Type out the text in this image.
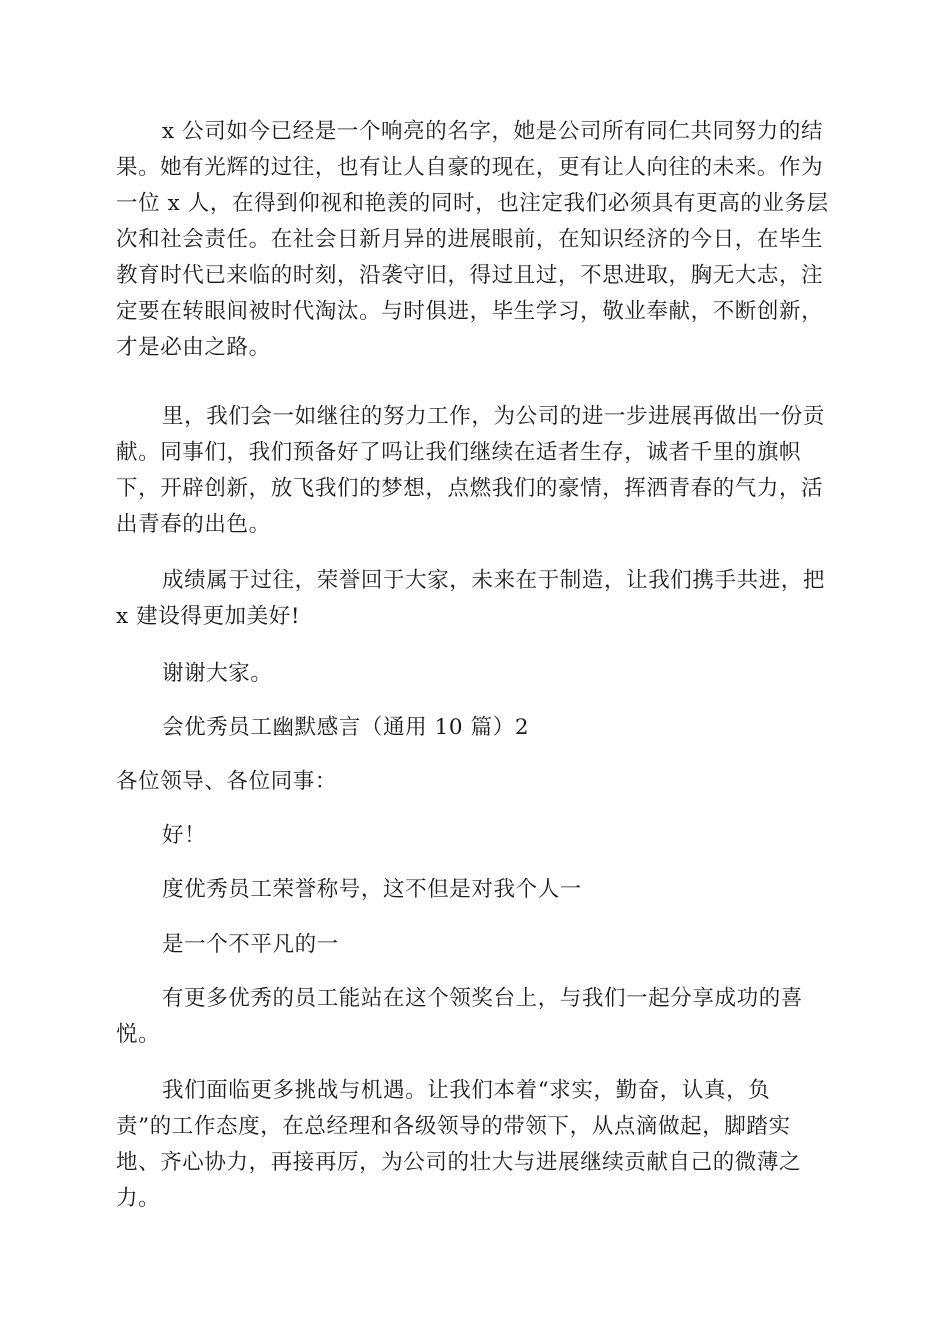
x 公司如今已经是一个响亮的名字，她是公司所有同仁共同努力的结
果。她有光辉的过往，也有让人自豪的现在，更有让人向往的未来。作为
一位 x 人，在得到仰视和艳羡的同时，也注定我们必须具有更高的业务层
次和社会责任。在社会日新月异的进展眼前，在知识经济的今日，在毕生
教育时代已来临的时刻，沿袭守旧，得过且过，不思进取，胸无大志，注
定要在转眼间被时代淘汰。与时俱进，毕生学习，敬业奉献，不断创新，
才是必由之路。
里，我们会一如继往的努力工作，为公司的进一步进展再做出一份贡
献。同事们，我们预备好了吗让我们继续在适者生存，诚者千里的旗帜
下，开辟创新，放飞我们的梦想，点燃我们的豪情，挥洒青春的气力，活
出青春的出色。
成绩属于过往，荣誉回于大家，未来在于制造，让我们携手共进，把
x 建设得更加美好!
谢谢大家。
会优秀员工幽默感言（通用 10 篇）2
各位领导、各位同事：
好！
度优秀员工荣誉称号，这不但是对我个人一
是一个不平凡的一
有更多优秀的员工能站在这个领奖台上，与我们一起分享成功的喜
悦。
我们面临更多挑战与机遇。让我们本着“求实，勤奋，认真，负
责”的工作态度，在总经理和各级领导的带领下，从点滴做起，脚踏实
地、齐心协力，再接再厉，为公司的壮大与进展继续贡献自己的微薄之
力。
